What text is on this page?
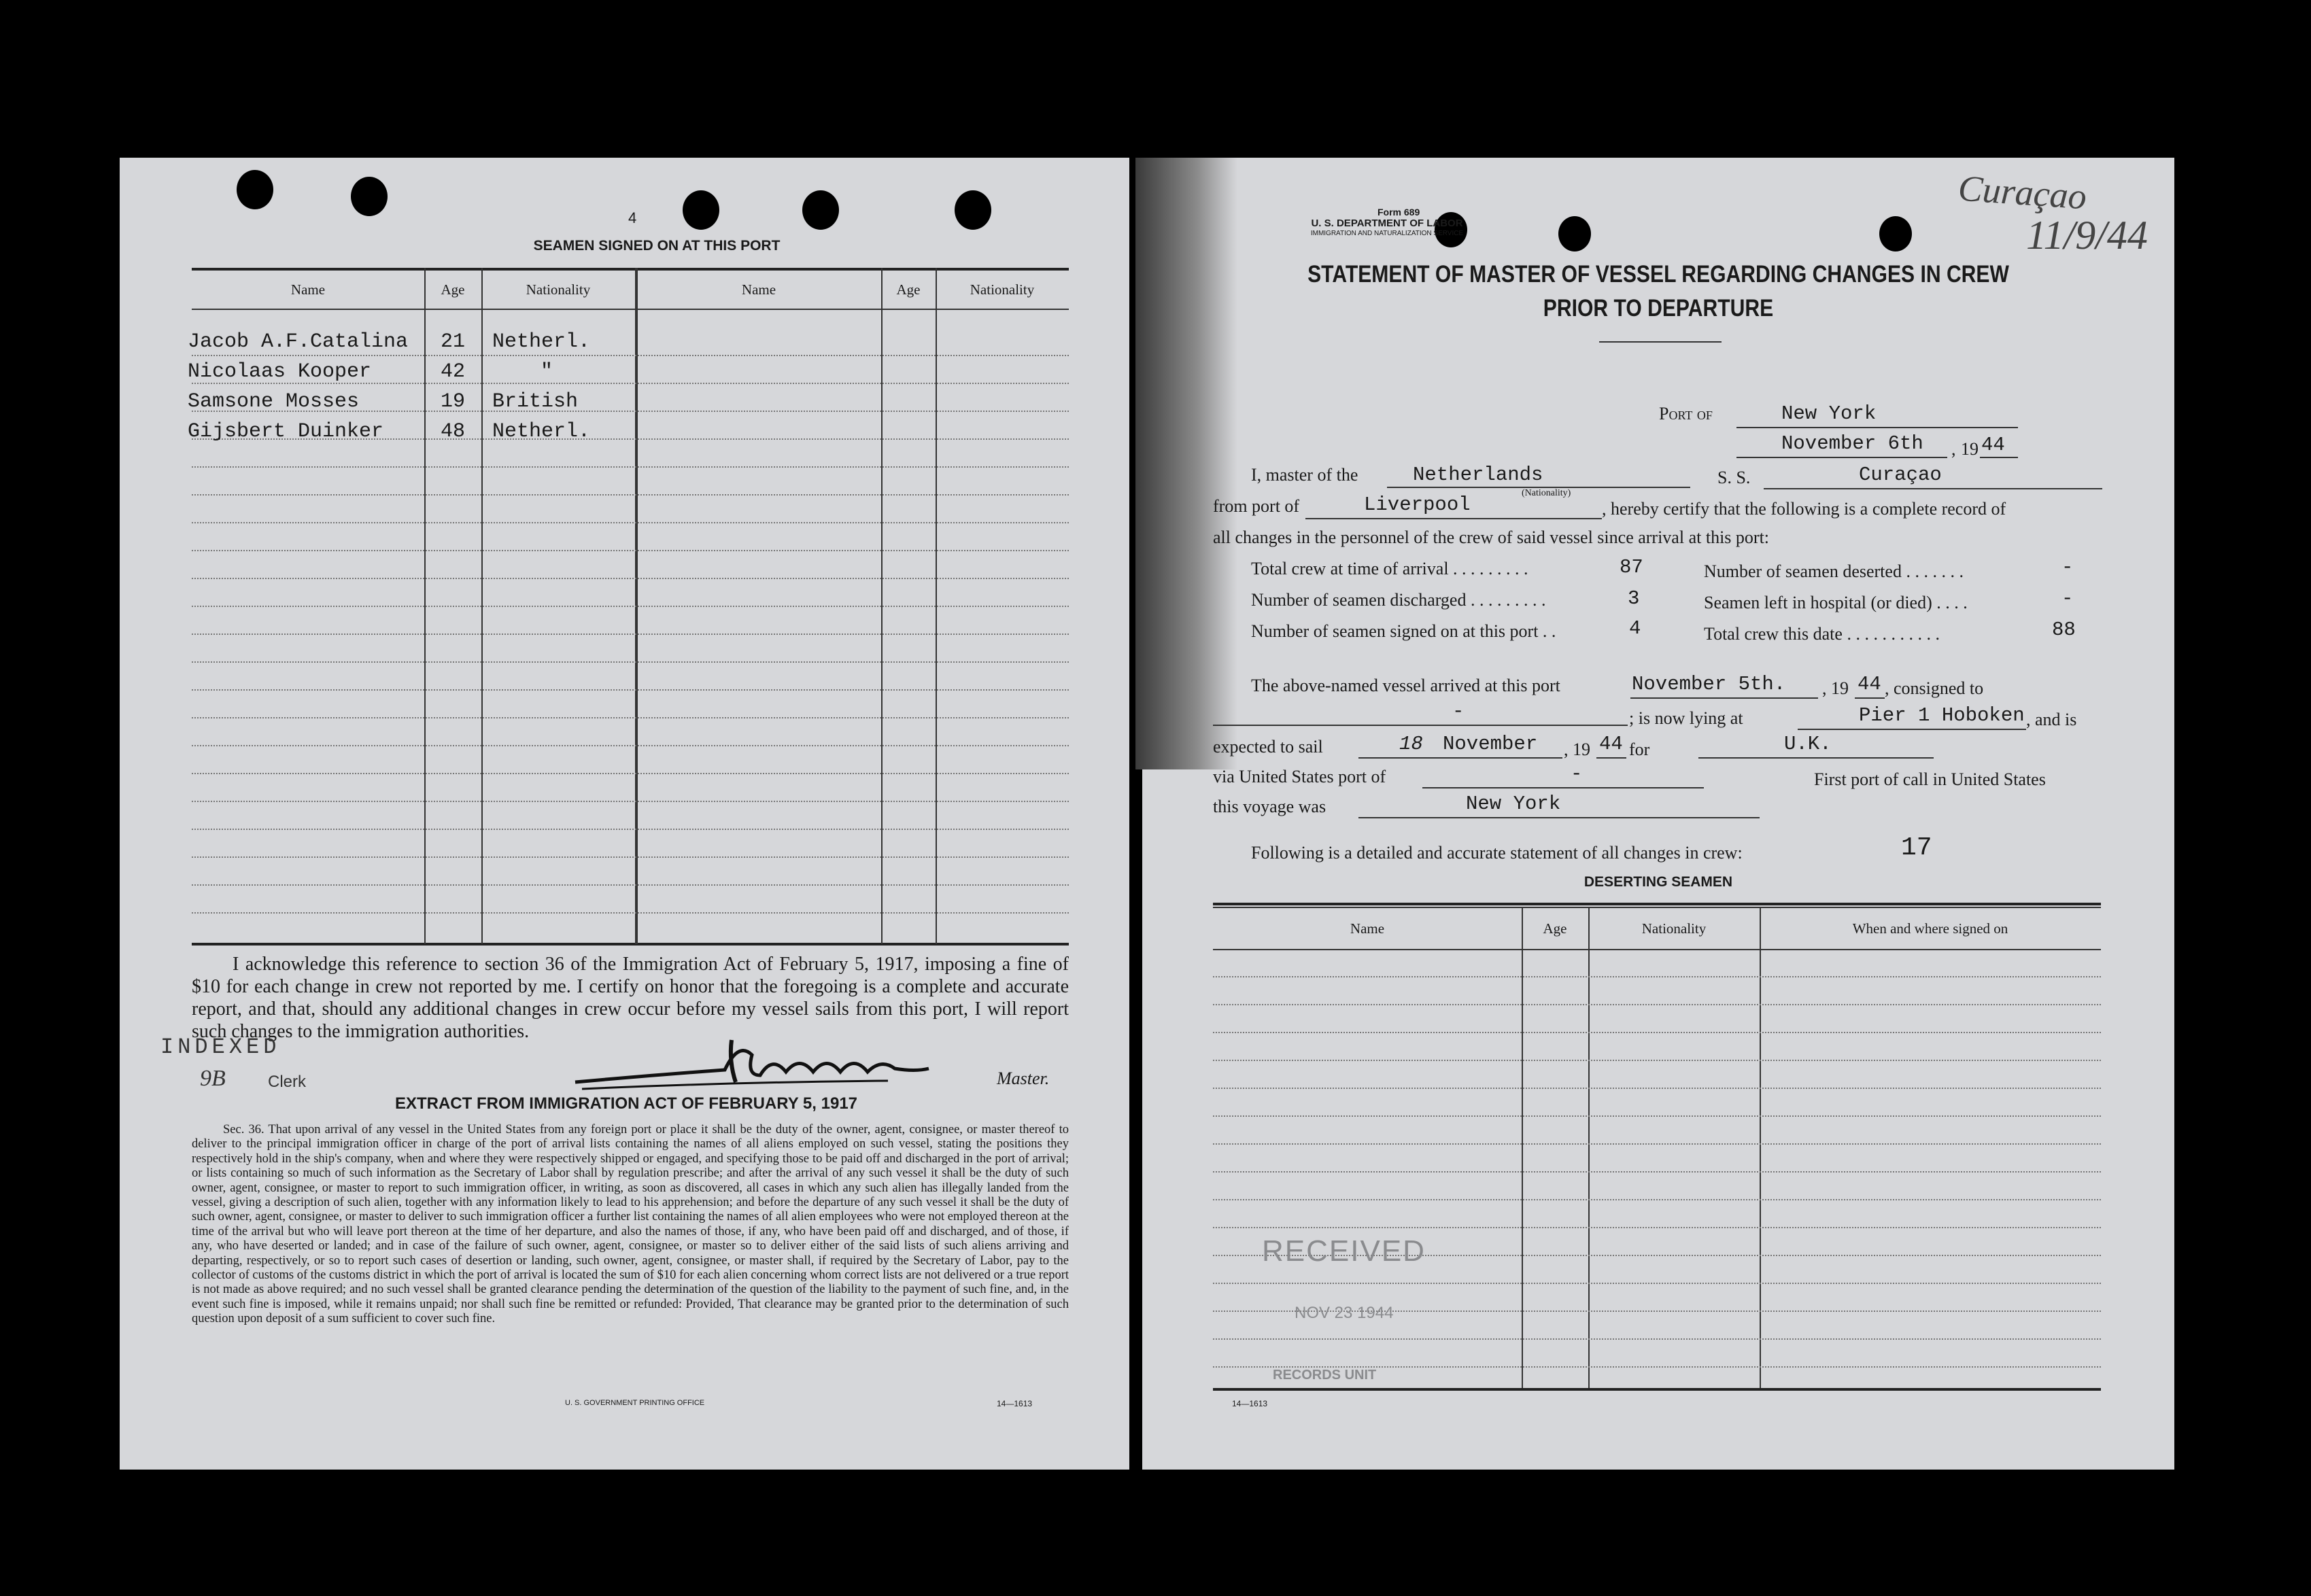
4
SEAMEN SIGNED ON AT THIS PORT
Name	Age	Nationality	Name	Age	Nationality
Jacob A.F.Catalina	21	Netherl.
Nicolaas Kooper	42	"
Samsone Mosses	19	British
Gijsbert Duinker	48	Netherl.
I acknowledge this reference to section 36 of the Immigration Act of February 5, 1917, imposing a fine of $10 for each change in crew not reported by me. I certify on honor that the foregoing is a complete and accurate report, and that, should any additional changes in crew occur before my vessel sails from this port, I will report such changes to the immigration authorities.
INDEXED
9B	Clerk	Master.
EXTRACT FROM IMMIGRATION ACT OF FEBRUARY 5, 1917
Sec. 36. That upon arrival of any vessel in the United States from any foreign port or place it shall be the duty of the owner, agent, consignee, or master thereof to deliver to the principal immigration officer in charge of the port of arrival lists containing the names of all aliens employed on such vessel, stating the positions they respectively hold in the ship's company, when and where they were respectively shipped or engaged, and specifying those to be paid off and discharged in the port of arrival; or lists containing so much of such information as the Secretary of Labor shall by regulation prescribe; and after the arrival of any such vessel it shall be the duty of such owner, agent, consignee, or master to report to such immigration officer, in writing, as soon as discovered, all cases in which any such alien has illegally landed from the vessel, giving a description of such alien, together with any information likely to lead to his apprehension; and before the departure of any such vessel it shall be the duty of such owner, agent, consignee, or master to deliver to such immigration officer a further list containing the names of all alien employees who were not employed thereon at the time of the arrival but who will leave port thereon at the time of her departure, and also the names of those, if any, who have been paid off and discharged, and of those, if any, who have deserted or landed; and in case of the failure of such owner, agent, consignee, or master so to deliver either of the said lists of such aliens arriving and departing, respectively, or so to report such cases of desertion or landing, such owner, agent, consignee, or master shall, if required by the Secretary of Labor, pay to the collector of customs of the customs district in which the port of arrival is located the sum of $10 for each alien concerning whom correct lists are not delivered or a true report is not made as above required; and no such vessel shall be granted clearance pending the determination of the question of the liability to the payment of such fine, and, in the event such fine is imposed, while it remains unpaid; nor shall such fine be remitted or refunded: Provided, That clearance may be granted prior to the determination of such question upon deposit of a sum sufficient to cover such fine.
U. S. GOVERNMENT PRINTING OFFICE	14—1613
Curaçao
11/9/44
Form 689
U. S. DEPARTMENT OF LABOR
IMMIGRATION AND NATURALIZATION SERVICE
STATEMENT OF MASTER OF VESSEL REGARDING CHANGES IN CREW
PRIOR TO DEPARTURE
Port of	New York
November 6th , 19 44
I, master of the	Netherlands
(Nationality)
S. S.	Curaçao
from port of	Liverpool	, hereby certify that the following is a complete record of
all changes in the personnel of the crew of said vessel since arrival at this port:
Total crew at time of arrival . . . . . . . . .	87	Number of seamen deserted . . . . . . .	-
Number of seamen discharged . . . . . . . . .	3	Seamen left in hospital (or died) . . . .	-
Number of seamen signed on at this port . .	4	Total crew this date . . . . . . . . . . .	88
The above-named vessel arrived at this port	November 5th. , 19 44 , consigned to
-	; is now lying at	Pier 1 Hoboken , and is
expected to sail	18 November , 19 44 for	U.K.
via United States port of	-	First port of call in United States
this voyage was	New York
Following is a detailed and accurate statement of all changes in crew:	17
DESERTING SEAMEN
Name	Age	Nationality	When and where signed on
RECEIVED
NOV 23 1944
RECORDS UNIT
14—1613
